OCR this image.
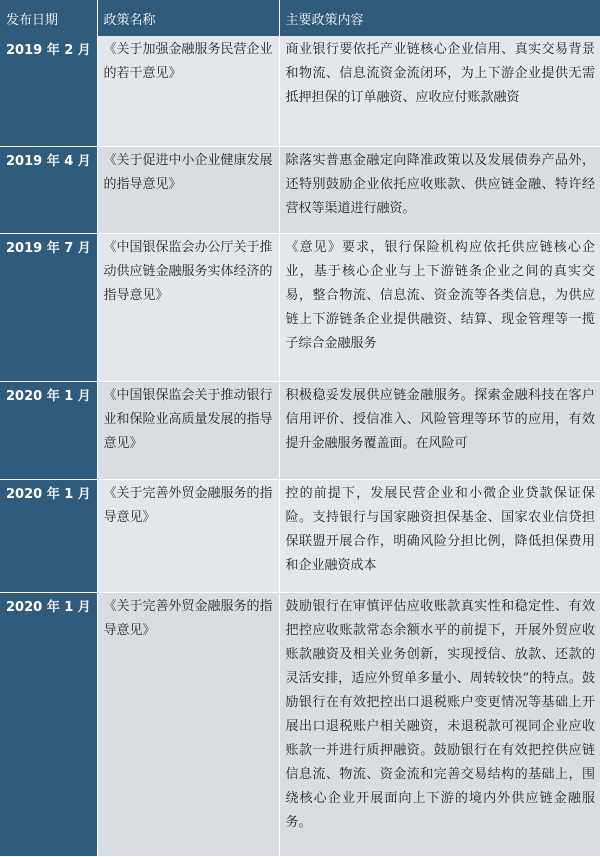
发布日期	政策名称	主要政策内容
2019 年 2 月	《关于加强金融服务民营企业的若干意见》	商业银行要依托产业链核心企业信用、真实交易背景和物流、信息流资金流闭环，为上下游企业提供无需抵押担保的订单融资、应收应付账款融资
2019 年 4 月	《关于促进中小企业健康发展的指导意见》	除落实普惠金融定向降准政策以及发展债券产品外，还特别鼓励企业依托应收账款、供应链金融、特许经营权等渠道进行融资。
2019 年 7 月	《中国银保监会办公厅关于推动供应链金融服务实体经济的指导意见》	《意见》要求，银行保险机构应依托供应链核心企业，基于核心企业与上下游链条企业之间的真实交易，整合物流、信息流、资金流等各类信息，为供应链上下游链条企业提供融资、结算、现金管理等一揽子综合金融服务
2020 年 1 月	《中国银保监会关于推动银行业和保险业高质量发展的指导意见》	积极稳妥发展供应链金融服务。探索金融科技在客户信用评价、授信准入、风险管理等环节的应用，有效提升金融服务覆盖面。在风险可
2020 年 1 月	《关于完善外贸金融服务的指导意见》	控的前提下，发展民营企业和小微企业贷款保证保险。支持银行与国家融资担保基金、国家农业信贷担保联盟开展合作，明确风险分担比例，降低担保费用和企业融资成本
2020 年 1 月	《关于完善外贸金融服务的指导意见》	鼓励银行在审慎评估应收账款真实性和稳定性、有效把控应收账款常态余额水平的前提下，开展外贸应收账款融资及相关业务创新，实现授信、放款、还款的灵活安排，适应外贸单多量小、周转较快”的特点。鼓励银行在有效把控出口退税账户变更情况等基础上开展出口退税账户相关融资，未退税款可视同企业应收账款一并进行质押融资。鼓励银行在有效把控供应链信息流、物流、资金流和完善交易结构的基础上，围绕核心企业开展面向上下游的境内外供应链金融服务。
